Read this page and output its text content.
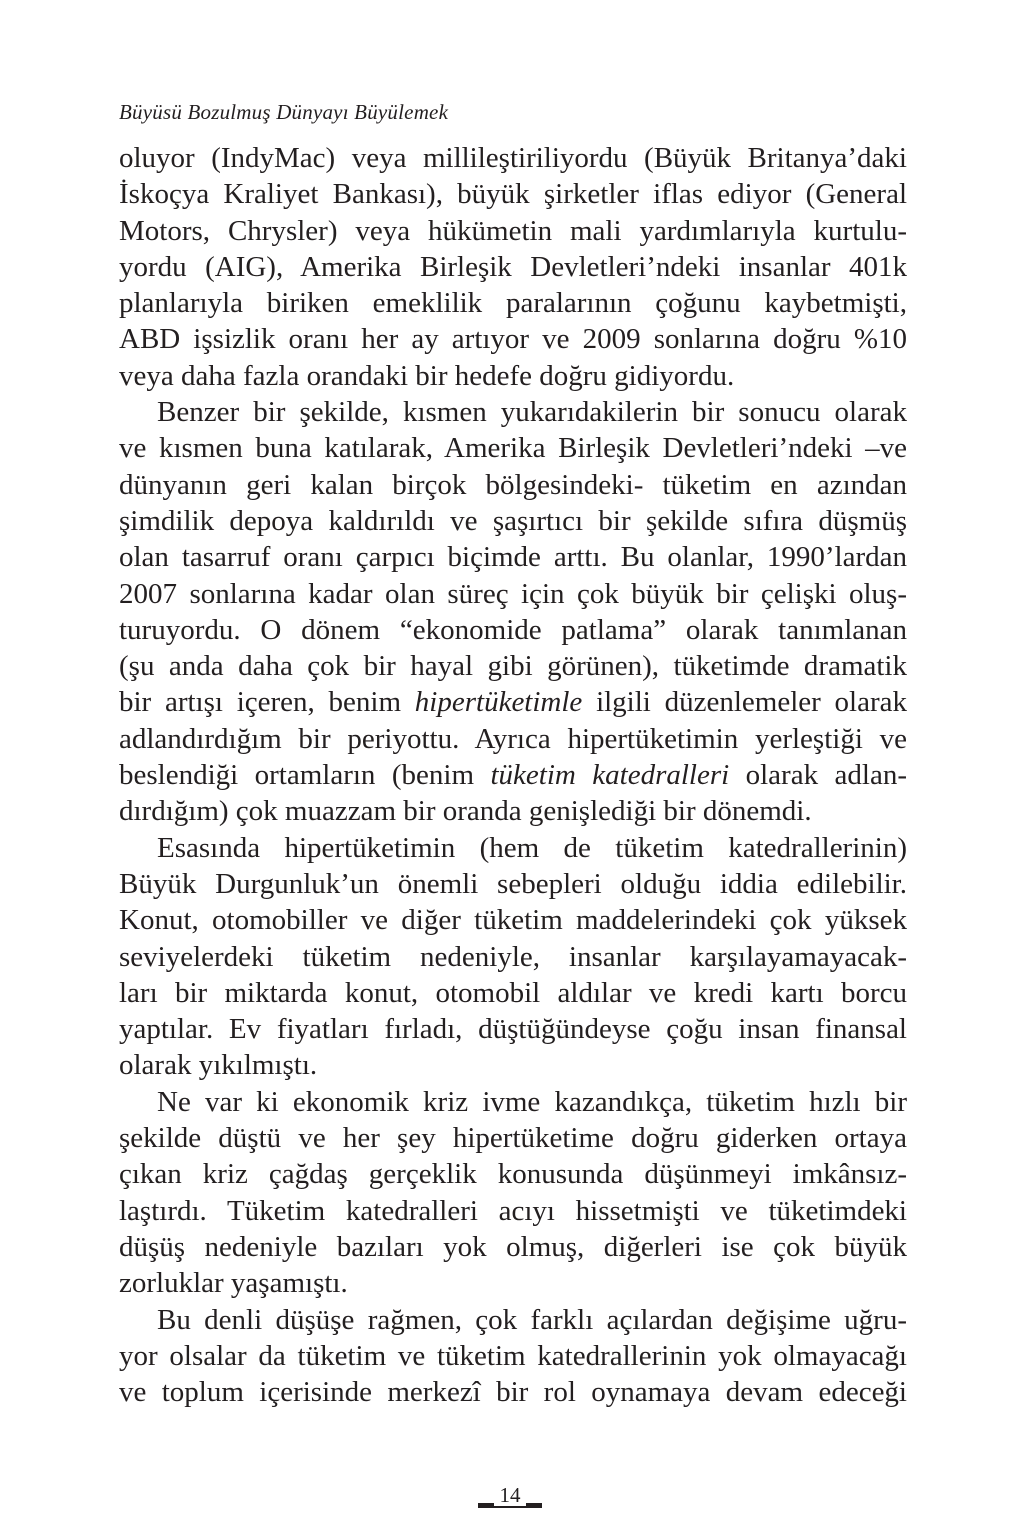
Büyüsü Bozulmuş Dünyayı Büyülemek
oluyor (IndyMac) veya millileştiriliyordu (Büyük Britanya’daki
İskoçya Kraliyet Bankası), büyük şirketler iflas ediyor (General
Motors, Chrysler) veya hükümetin mali yardımlarıyla kurtulu-
yordu (AIG), Amerika Birleşik Devletleri’ndeki insanlar 401k
planlarıyla biriken emeklilik paralarının çoğunu kaybetmişti,
ABD işsizlik oranı her ay artıyor ve 2009 sonlarına doğru %10
veya daha fazla orandaki bir hedefe doğru gidiyordu.
Benzer bir şekilde, kısmen yukarıdakilerin bir sonucu olarak
ve kısmen buna katılarak, Amerika Birleşik Devletleri’ndeki –ve
dünyanın geri kalan birçok bölgesindeki- tüketim en azından
şimdilik depoya kaldırıldı ve şaşırtıcı bir şekilde sıfıra düşmüş
olan tasarruf oranı çarpıcı biçimde arttı. Bu olanlar, 1990’lardan
2007 sonlarına kadar olan süreç için çok büyük bir çelişki oluş-
turuyordu. O dönem “ekonomide patlama” olarak tanımlanan
(şu anda daha çok bir hayal gibi görünen), tüketimde dramatik
bir artışı içeren, benim hipertüketimle ilgili düzenlemeler olarak
adlandırdığım bir periyottu. Ayrıca hipertüketimin yerleştiği ve
beslendiği ortamların (benim tüketim katedralleri olarak adlan-
dırdığım) çok muazzam bir oranda genişlediği bir dönemdi.
Esasında hipertüketimin (hem de tüketim katedrallerinin)
Büyük Durgunluk’un önemli sebepleri olduğu iddia edilebilir.
Konut, otomobiller ve diğer tüketim maddelerindeki çok yüksek
seviyelerdeki tüketim nedeniyle, insanlar karşılayamayacak-
ları bir miktarda konut, otomobil aldılar ve kredi kartı borcu
yaptılar. Ev fiyatları fırladı, düştüğündeyse çoğu insan finansal
olarak yıkılmıştı.
Ne var ki ekonomik kriz ivme kazandıkça, tüketim hızlı bir
şekilde düştü ve her şey hipertüketime doğru giderken ortaya
çıkan kriz çağdaş gerçeklik konusunda düşünmeyi imkânsız-
laştırdı. Tüketim katedralleri acıyı hissetmişti ve tüketimdeki
düşüş nedeniyle bazıları yok olmuş, diğerleri ise çok büyük
zorluklar yaşamıştı.
Bu denli düşüşe rağmen, çok farklı açılardan değişime uğru-
yor olsalar da tüketim ve tüketim katedrallerinin yok olmayacağı
ve toplum içerisinde merkezî bir rol oynamaya devam edeceği
14
